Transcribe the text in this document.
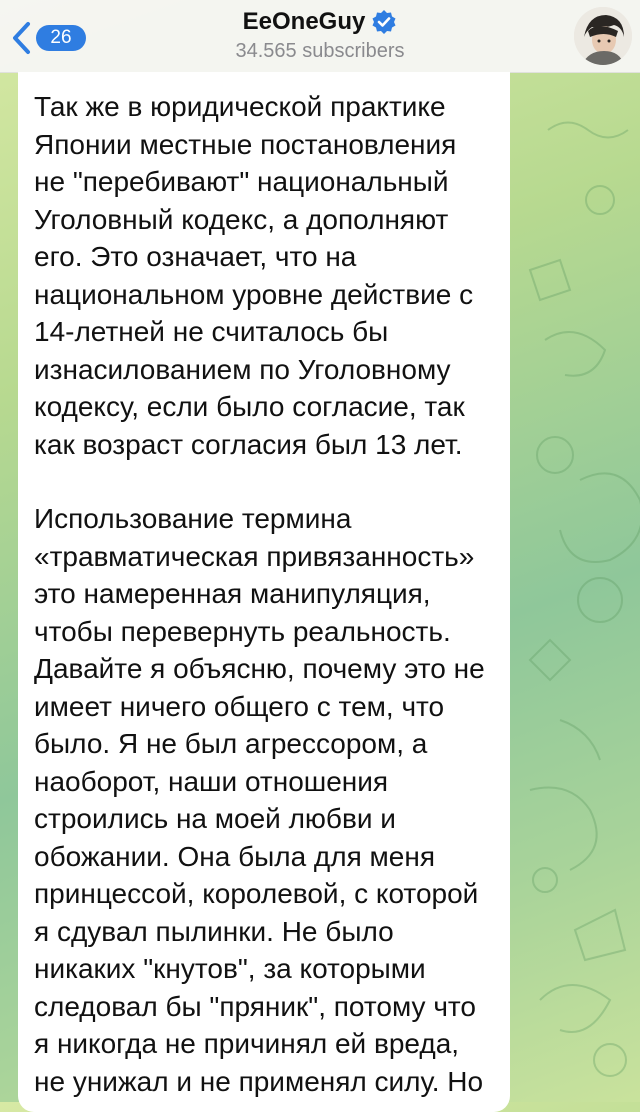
26
EeOneGuy
34.565 subscribers

Так же в юридической практике
Японии местные постановления
не "перебивают" национальный
Уголовный кодекс, а дополняют
его. Это означает, что на
национальном уровне действие с
14-летней не считалось бы
изнасилованием по Уголовному
кодексу, если было согласие, так
как возраст согласия был 13 лет.

Использование термина
«травматическая привязанность»
это намеренная манипуляция,
чтобы перевернуть реальность.
Давайте я объясню, почему это не
имеет ничего общего с тем, что
было. Я не был агрессором, а
наоборот, наши отношения
строились на моей любви и
обожании. Она была для меня
принцессой, королевой, с которой
я сдувал пылинки. Не было
никаких "кнутов", за которыми
следовал бы "пряник", потому что
я никогда не причинял ей вреда,
не унижал и не применял силу. Но
